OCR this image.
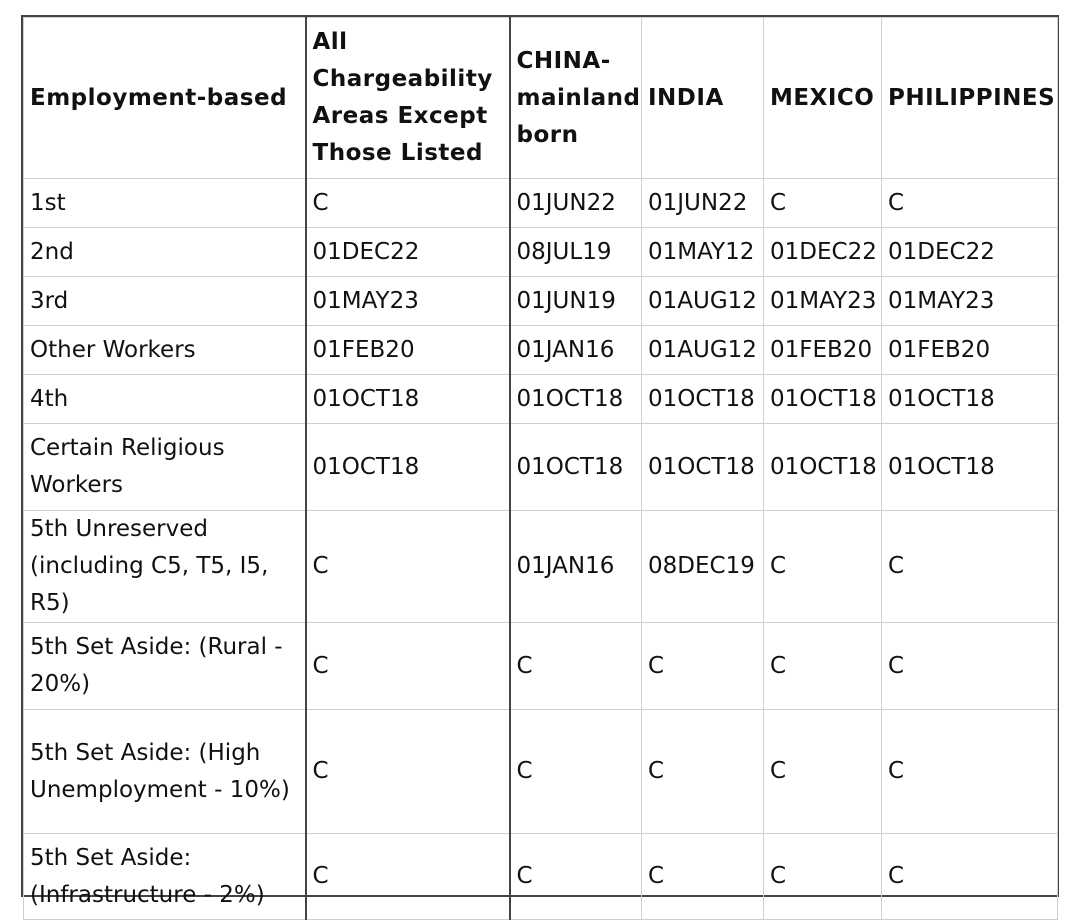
Employment-based	All Chargeability Areas Except Those Listed	CHINA-mainland born	INDIA	MEXICO	PHILIPPINES
1st	C	01JUN22	01JUN22	C	C
2nd	01DEC22	08JUL19	01MAY12	01DEC22	01DEC22
3rd	01MAY23	01JUN19	01AUG12	01MAY23	01MAY23
Other Workers	01FEB20	01JAN16	01AUG12	01FEB20	01FEB20
4th	01OCT18	01OCT18	01OCT18	01OCT18	01OCT18
Certain Religious Workers	01OCT18	01OCT18	01OCT18	01OCT18	01OCT18
5th Unreserved (including C5, T5, I5, R5)	C	01JAN16	08DEC19	C	C
5th Set Aside: (Rural - 20%)	C	C	C	C	C
5th Set Aside: (High Unemployment - 10%)	C	C	C	C	C
5th Set Aside: (Infrastructure - 2%)	C	C	C	C	C
